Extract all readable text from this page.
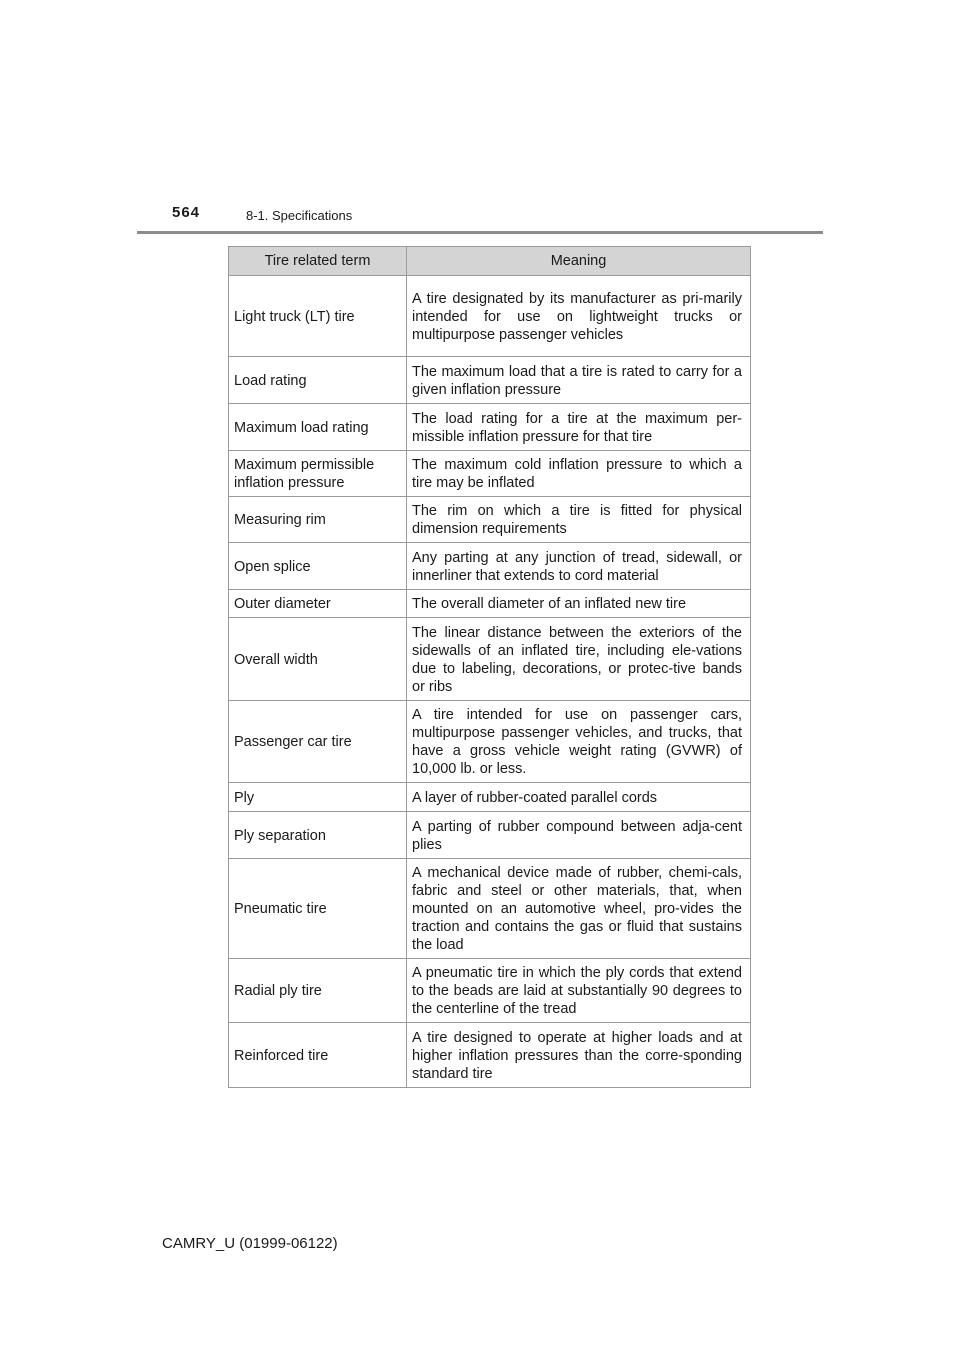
564	8-1. Specifications
Tire related term	Meaning
Light truck (LT) tire	A tire designated by its manufacturer as pri-marily intended for use on lightweight trucks or multipurpose passenger vehicles
Load rating	The maximum load that a tire is rated to carry for a given inflation pressure
Maximum load rating	The load rating for a tire at the maximum per-missible inflation pressure for that tire
Maximum permissible inflation pressure	The maximum cold inflation pressure to which a tire may be inflated
Measuring rim	The rim on which a tire is fitted for physical dimension requirements
Open splice	Any parting at any junction of tread, sidewall, or innerliner that extends to cord material
Outer diameter	The overall diameter of an inflated new tire
Overall width	The linear distance between the exteriors of the sidewalls of an inflated tire, including ele-vations due to labeling, decorations, or protec-tive bands or ribs
Passenger car tire	A tire intended for use on passenger cars, multipurpose passenger vehicles, and trucks, that have a gross vehicle weight rating (GVWR) of 10,000 lb. or less.
Ply	A layer of rubber-coated parallel cords
Ply separation	A parting of rubber compound between adja-cent plies
Pneumatic tire	A mechanical device made of rubber, chemi-cals, fabric and steel or other materials, that, when mounted on an automotive wheel, pro-vides the traction and contains the gas or fluid that sustains the load
Radial ply tire	A pneumatic tire in which the ply cords that extend to the beads are laid at substantially 90 degrees to the centerline of the tread
Reinforced tire	A tire designed to operate at higher loads and at higher inflation pressures than the corre-sponding standard tire
CAMRY_U (01999-06122)
